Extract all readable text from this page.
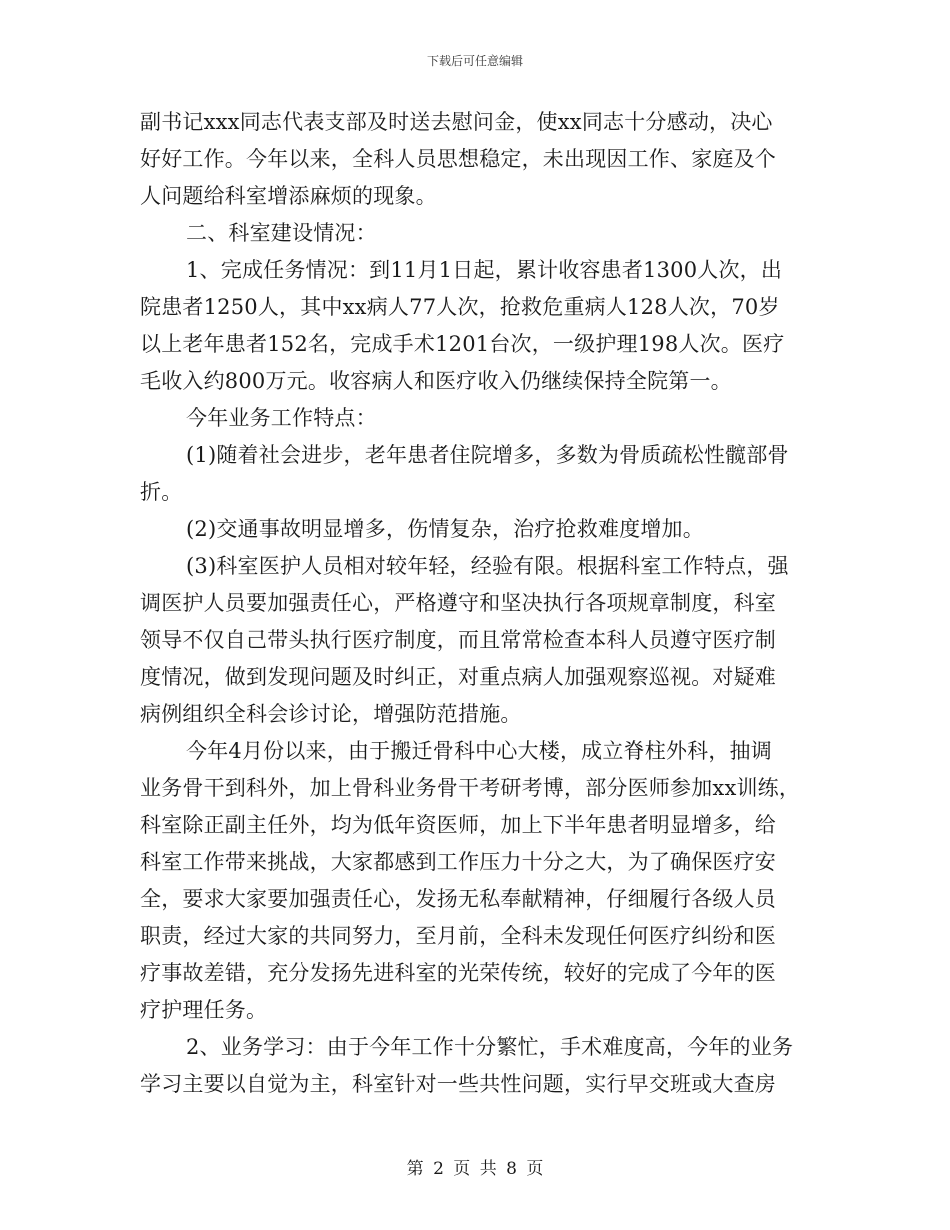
下载后可任意编辑
副书记xxx同志代表支部及时送去慰问金，使xx同志十分感动，决心
好好工作。今年以来，全科人员思想稳定，未出现因工作、家庭及个
人问题给科室增添麻烦的现象。
二、科室建设情况：
1、完成任务情况：到11月1日起，累计收容患者1300人次，出
院患者1250人，其中xx病人77人次，抢救危重病人128人次，70岁
以上老年患者152名，完成手术1201台次，一级护理198人次。医疗
毛收入约800万元。收容病人和医疗收入仍继续保持全院第一。
今年业务工作特点：
(1)随着社会进步，老年患者住院增多，多数为骨质疏松性髋部骨
折。
(2)交通事故明显增多，伤情复杂，治疗抢救难度增加。
(3)科室医护人员相对较年轻，经验有限。根据科室工作特点，强
调医护人员要加强责任心，严格遵守和坚决执行各项规章制度，科室
领导不仅自己带头执行医疗制度，而且常常检查本科人员遵守医疗制
度情况，做到发现问题及时纠正，对重点病人加强观察巡视。对疑难
病例组织全科会诊讨论，增强防范措施。
今年4月份以来，由于搬迁骨科中心大楼，成立脊柱外科，抽调
业务骨干到科外，加上骨科业务骨干考研考博，部分医师参加xx训练，
科室除正副主任外，均为低年资医师，加上下半年患者明显增多，给
科室工作带来挑战，大家都感到工作压力十分之大，为了确保医疗安
全，要求大家要加强责任心，发扬无私奉献精神，仔细履行各级人员
职责，经过大家的共同努力，至月前，全科未发现任何医疗纠纷和医
疗事故差错，充分发扬先进科室的光荣传统，较好的完成了今年的医
疗护理任务。
2、业务学习：由于今年工作十分繁忙，手术难度高，今年的业务
学习主要以自觉为主，科室针对一些共性问题，实行早交班或大查房
第 2 页 共 8 页
